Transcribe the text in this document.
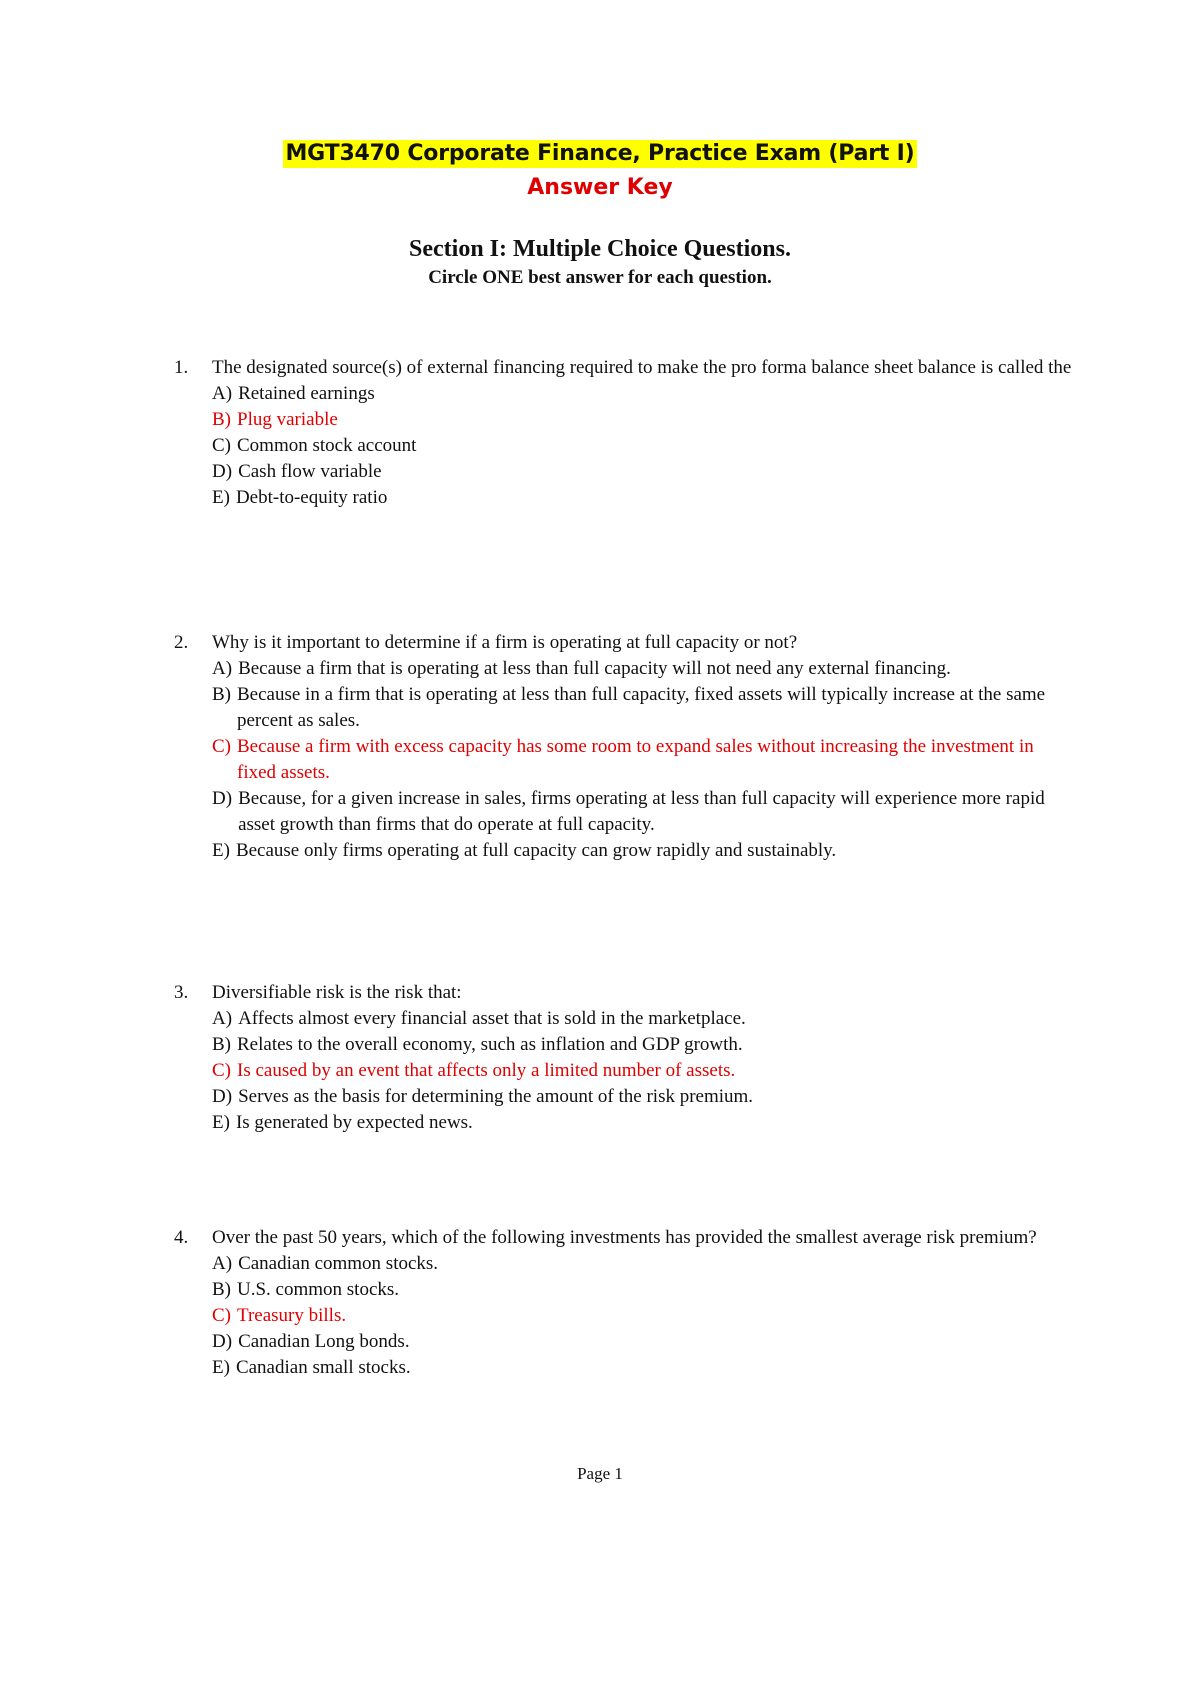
MGT3470 Corporate Finance, Practice Exam (Part I)
Answer Key
Section I: Multiple Choice Questions.
Circle ONE best answer for each question.
1.	The designated source(s) of external financing required to make the pro forma balance sheet balance is called the
A) Retained earnings
B) Plug variable
C) Common stock account
D) Cash flow variable
E) Debt-to-equity ratio
2.	Why is it important to determine if a firm is operating at full capacity or not?
A) Because a firm that is operating at less than full capacity will not need any external financing.
B) Because in a firm that is operating at less than full capacity, fixed assets will typically increase at the same percent as sales.
C) Because a firm with excess capacity has some room to expand sales without increasing the investment in fixed assets.
D) Because, for a given increase in sales, firms operating at less than full capacity will experience more rapid asset growth than firms that do operate at full capacity.
E) Because only firms operating at full capacity can grow rapidly and sustainably.
3.	Diversifiable risk is the risk that:
A) Affects almost every financial asset that is sold in the marketplace.
B) Relates to the overall economy, such as inflation and GDP growth.
C) Is caused by an event that affects only a limited number of assets.
D) Serves as the basis for determining the amount of the risk premium.
E) Is generated by expected news.
4.	Over the past 50 years, which of the following investments has provided the smallest average risk premium?
A) Canadian common stocks.
B) U.S. common stocks.
C) Treasury bills.
D) Canadian Long bonds.
E) Canadian small stocks.
Page 1
